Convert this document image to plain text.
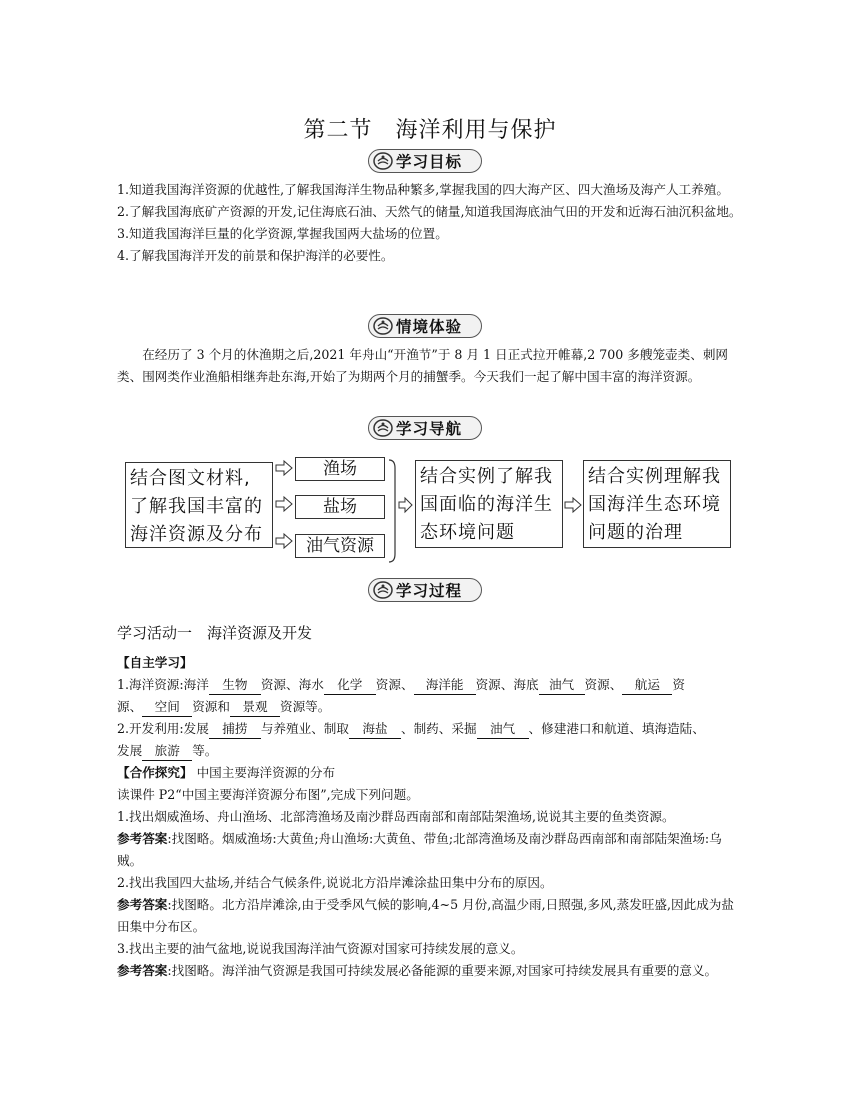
第二节　海洋利用与保护
学习目标

1.知道我国海洋资源的优越性,了解我国海洋生物品种繁多,掌握我国的四大海产区、四大渔场及海产人工养殖。

2.了解我国海底矿产资源的开发,记住海底石油、天然气的储量,知道我国海底油气田的开发和近海石油沉积盆地。

3.知道我国海洋巨量的化学资源,掌握我国两大盐场的位置。

4.了解我国海洋开发的前景和保护海洋的必要性。

情境体验

在经历了 3 个月的休渔期之后,2021 年舟山“开渔节”于 8 月 1 日正式拉开帷幕,2 700 多艘笼壶类、刺网类、围网类作业渔船相继奔赴东海,开始了为期两个月的捕蟹季。今天我们一起了解中国丰富的海洋资源。

学习导航
结合图文材料,了解我国丰富的海洋资源及分布
渔场
盐场
油气资源
结合实例了解我国面临的海洋生态环境问题
结合实例理解我国海洋生态环境问题的治理
学习过程
学习活动一　海洋资源及开发

【自主学习】

1.海洋资源:海洋 生物 资源、海水 化学 资源、 海洋能 资源、海底 油气 资源、 航运 资

源、 空间 资源和 景观 资源等。

2.开发利用:发展 捕捞 与养殖业、制取 海盐 、制药、采掘 油气 、修建港口和航道、填海造陆、

发展 旅游 等。

【合作探究】 中国主要海洋资源的分布

读课件 P2“中国主要海洋资源分布图”,完成下列问题。

1.找出烟威渔场、舟山渔场、北部湾渔场及南沙群岛西南部和南部陆架渔场,说说其主要的鱼类资源。

参考答案:找图略。烟威渔场:大黄鱼;舟山渔场:大黄鱼、带鱼;北部湾渔场及南沙群岛西南部和南部陆架渔场:乌贼。

2.找出我国四大盐场,并结合气候条件,说说北方沿岸滩涂盐田集中分布的原因。

参考答案:找图略。北方沿岸滩涂,由于受季风气候的影响,4~5 月份,高温少雨,日照强,多风,蒸发旺盛,因此成为盐田集中分布区。

3.找出主要的油气盆地,说说我国海洋油气资源对国家可持续发展的意义。

参考答案:找图略。海洋油气资源是我国可持续发展必备能源的重要来源,对国家可持续发展具有重要的意义。
